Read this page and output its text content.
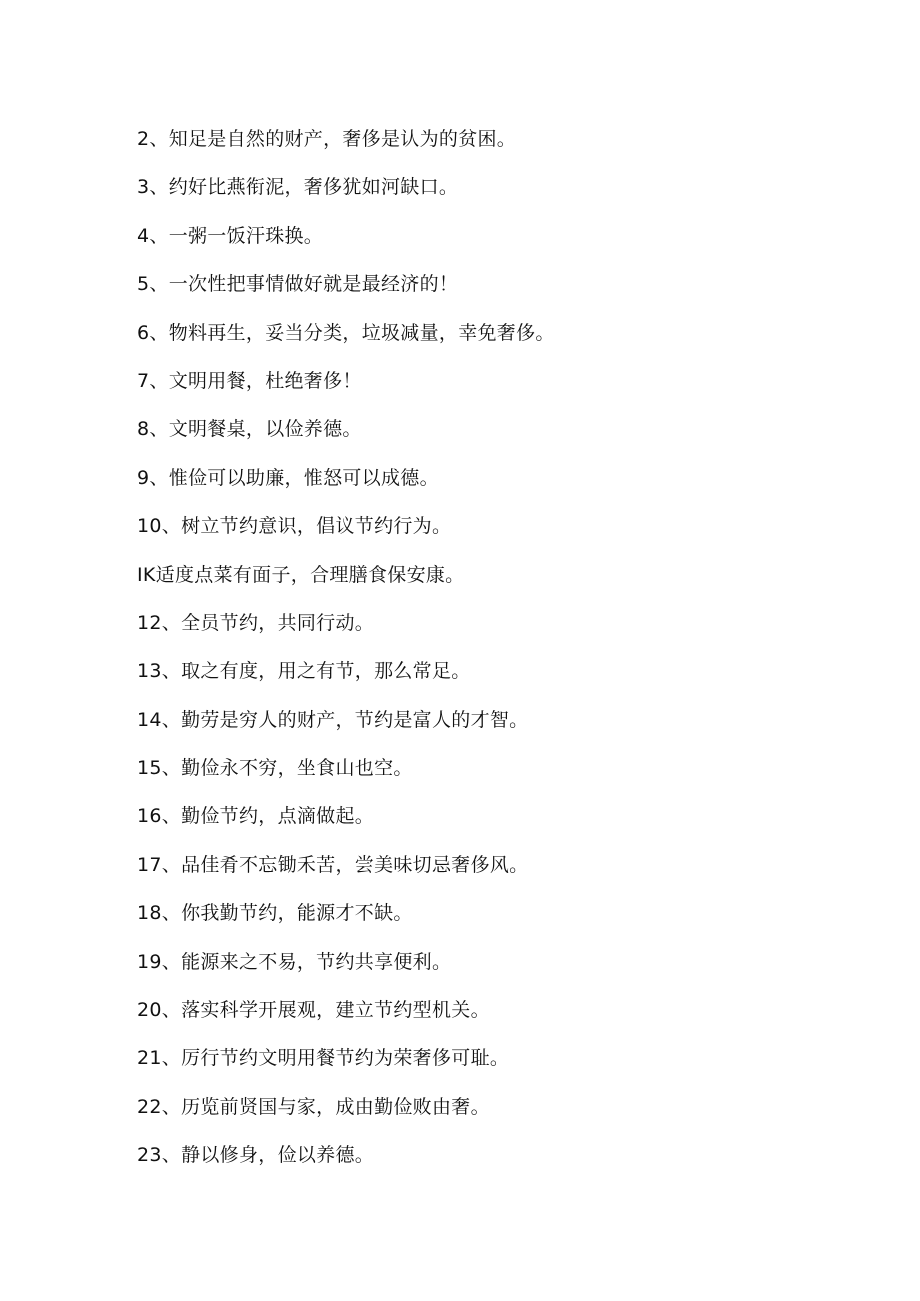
2、知足是自然的财产，奢侈是认为的贫困。
3、约好比燕衔泥，奢侈犹如河缺口。
4、一粥一饭汗珠换。
5、一次性把事情做好就是最经济的！
6、物料再生，妥当分类，垃圾减量，幸免奢侈。
7、文明用餐，杜绝奢侈！
8、文明餐桌，以俭养德。
9、惟俭可以助廉，惟怒可以成德。
10、树立节约意识，倡议节约行为。
IK适度点菜有面子，合理膳食保安康。
12、全员节约，共同行动。
13、取之有度，用之有节，那么常足。
14、勤劳是穷人的财产，节约是富人的才智。
15、勤俭永不穷，坐食山也空。
16、勤俭节约，点滴做起。
17、品佳肴不忘锄禾苦，尝美味切忌奢侈风。
18、你我勤节约，能源才不缺。
19、能源来之不易，节约共享便利。
20、落实科学开展观，建立节约型机关。
21、厉行节约文明用餐节约为荣奢侈可耻。
22、历览前贤国与家，成由勤俭败由奢。
23、静以修身，俭以养德。
